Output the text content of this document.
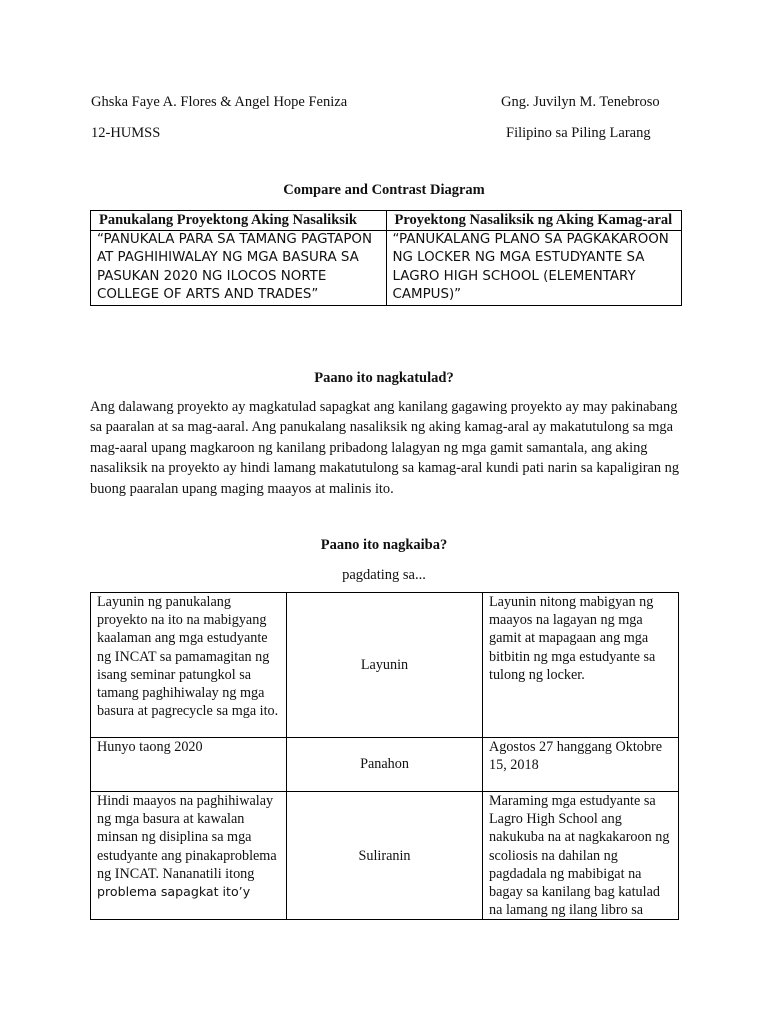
Ghska Faye A. Flores & Angel Hope Feniza	Gng. Juvilyn M. Tenebroso
12-HUMSS	Filipino sa Piling Larang
Compare and Contrast Diagram
Panukalang Proyektong Aking Nasaliksik	Proyektong Nasaliksik ng Aking Kamag-aral
“PANUKALA PARA SA TAMANG PAGTAPON AT PAGHIHIWALAY NG MGA BASURA SA PASUKAN 2020 NG ILOCOS NORTE COLLEGE OF ARTS AND TRADES”	“PANUKALANG PLANO SA PAGKAKAROON NG LOCKER NG MGA ESTUDYANTE SA LAGRO HIGH SCHOOL (ELEMENTARY CAMPUS)”
Paano ito nagkatulad?
Ang dalawang proyekto ay magkatulad sapagkat ang kanilang gagawing proyekto ay may pakinabang sa paaralan at sa mag-aaral. Ang panukalang nasaliksik ng aking kamag-aral ay makatutulong sa mga mag-aaral upang magkaroon ng kanilang pribadong lalagyan ng mga gamit samantala, ang aking nasaliksik na proyekto ay hindi lamang makatutulong sa kamag-aral kundi pati narin sa kapaligiran ng buong paaralan upang maging maayos at malinis ito.
Paano ito nagkaiba?
pagdating sa...
Layunin ng panukalang proyekto na ito na mabigyang kaalaman ang mga estudyante ng INCAT sa pamamagitan ng isang seminar patungkol sa tamang paghihiwalay ng mga basura at pagrecycle sa mga ito.	Layunin	Layunin nitong mabigyan ng maayos na lagayan ng mga gamit at mapagaan ang mga bitbitin ng mga estudyante sa tulong ng locker.
Hunyo taong 2020	Panahon	Agostos 27 hanggang Oktobre 15, 2018
Hindi maayos na paghihiwalay ng mga basura at kawalan minsan ng disiplina sa mga estudyante ang pinakaproblema ng INCAT. Nananatili itong
problema sapagkat ito’y	Suliranin	Maraming mga estudyante sa Lagro High School ang nakukuba na at nagkakaroon ng scoliosis na dahilan ng pagdadala ng mabibigat na bagay sa kanilang bag katulad na lamang ng ilang libro sa
